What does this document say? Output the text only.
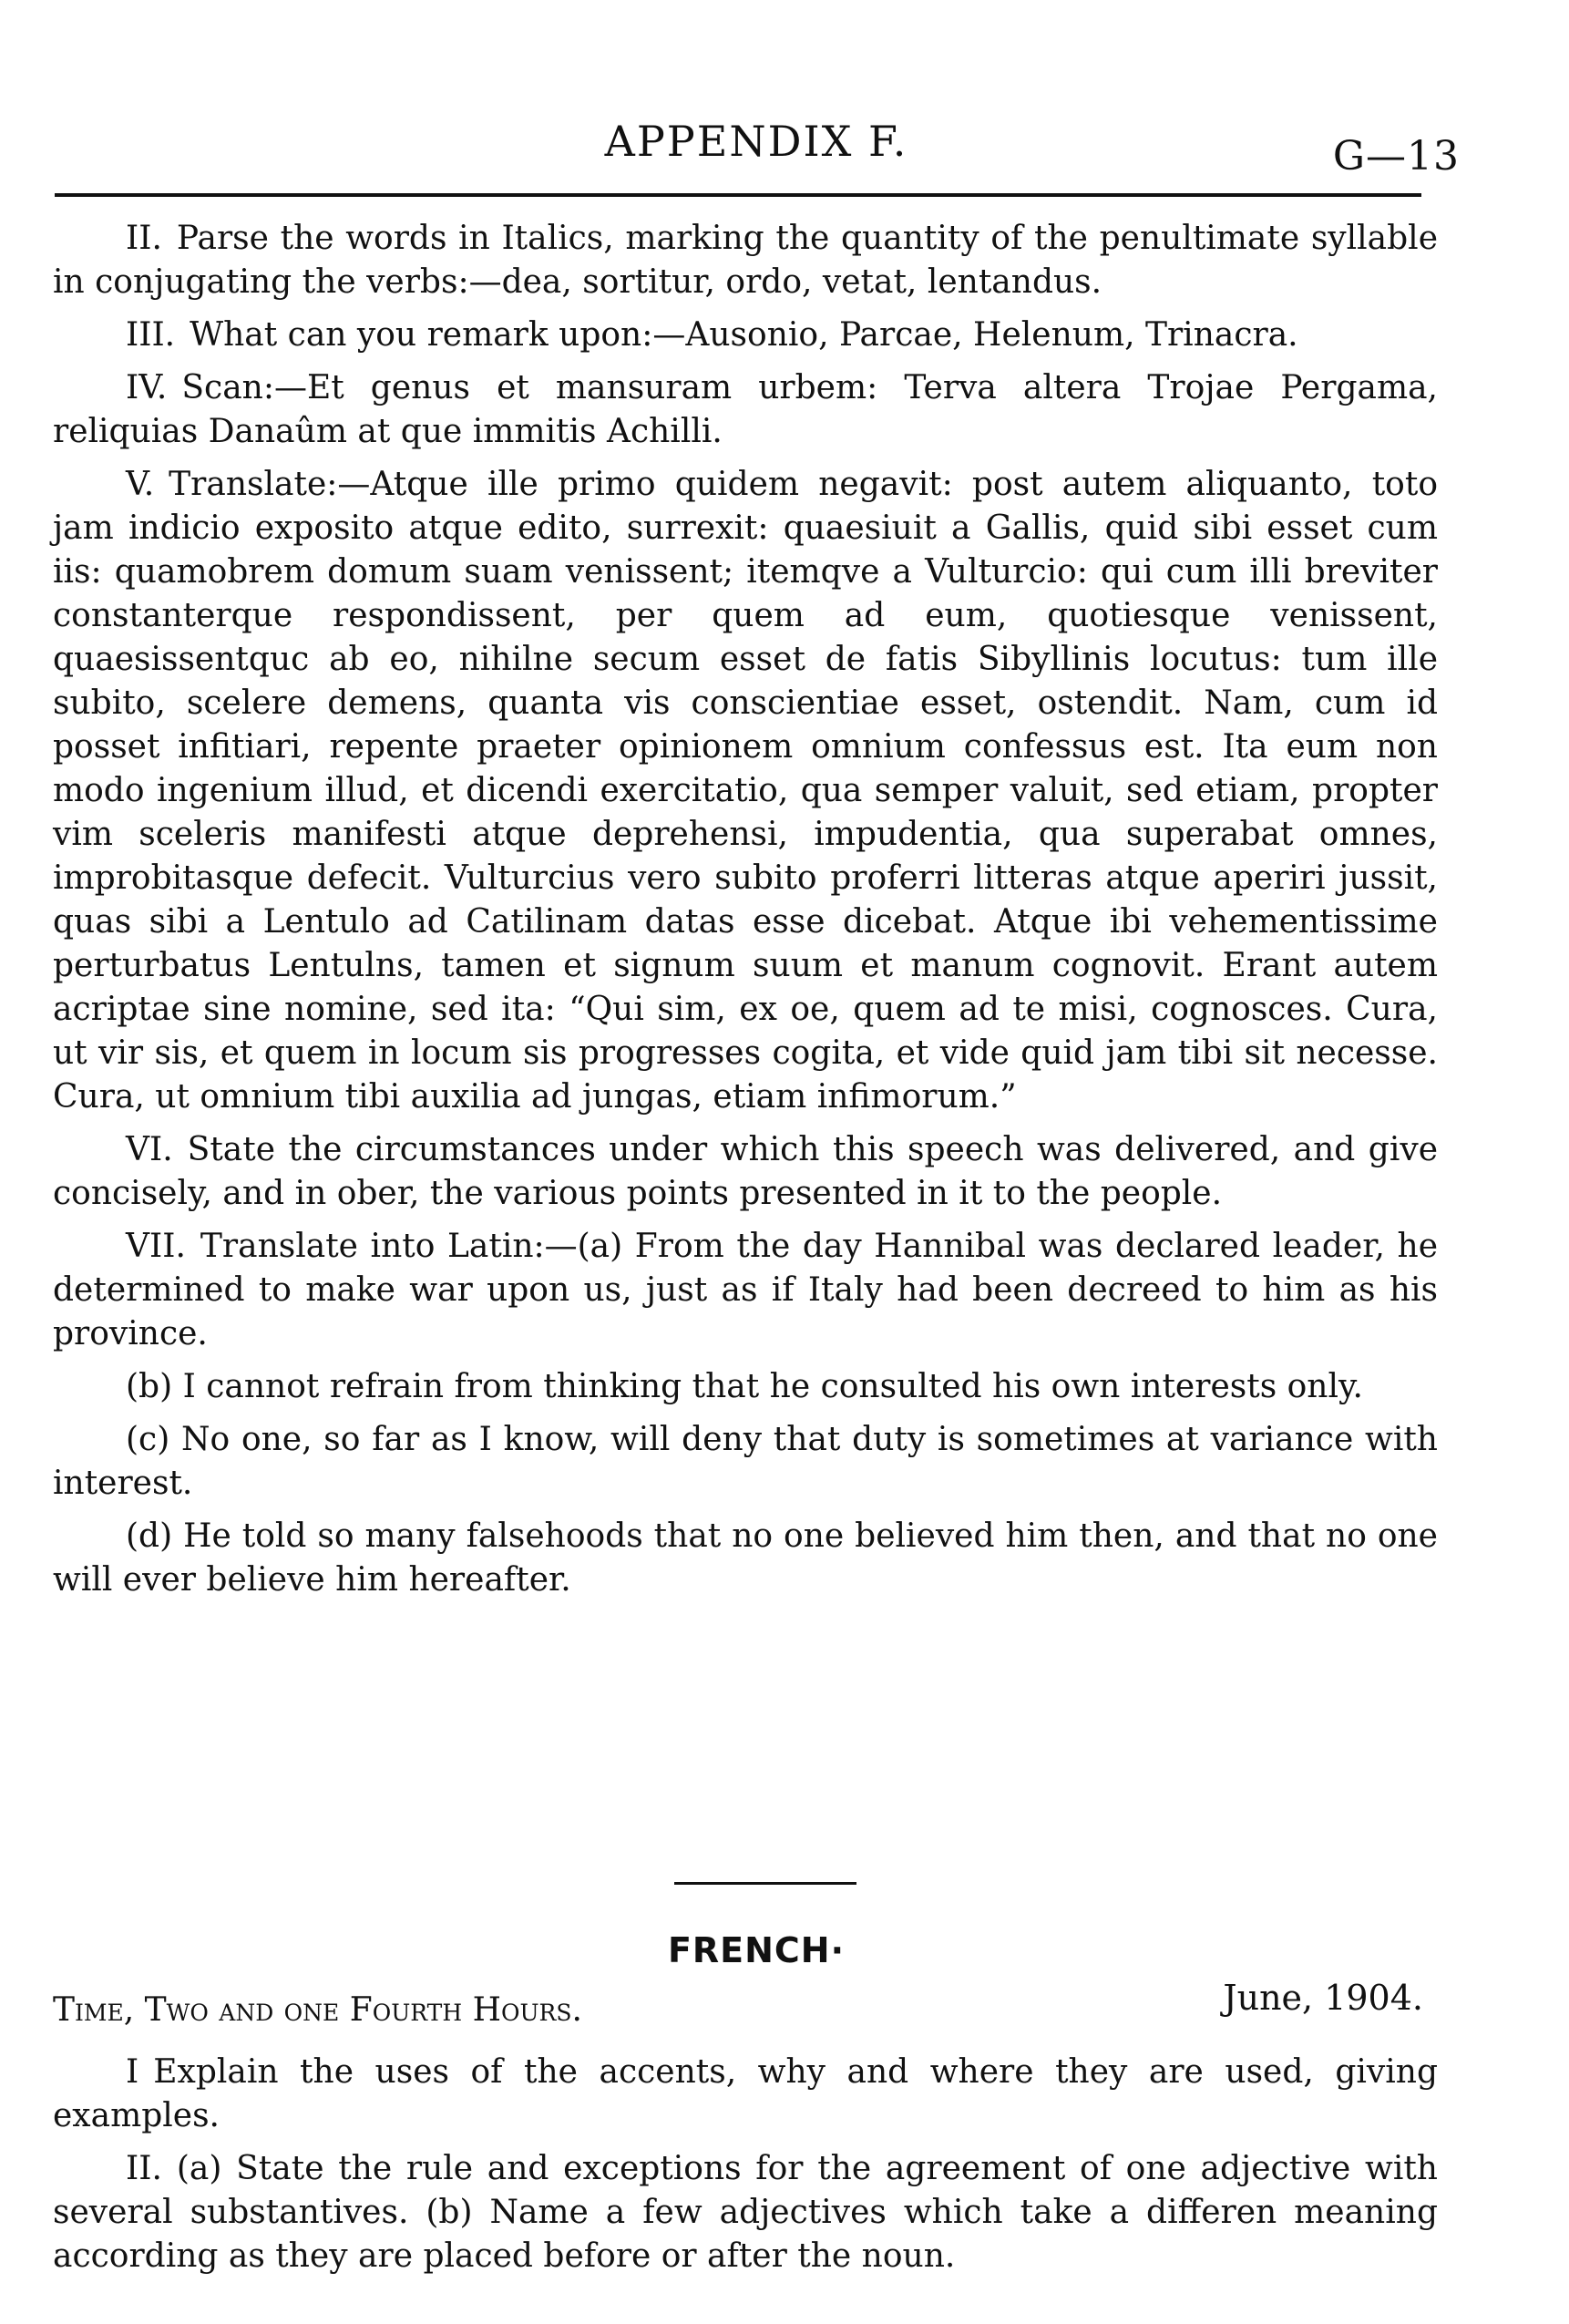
APPENDIX F.	G—13

II. Parse the words in Italics, marking the quantity of the penultimate syllable in conjugating the verbs:—dea, sortitur, ordo, vetat, lentandus.

III. What can you remark upon:—Ausonio, Parcae, Helenum, Trinacra.

IV. Scan:—Et genus et mansuram urbem: Terva altera Trojae Pergama, reliquias Danaûm at que immitis Achilli.

V. Translate:—Atque ille primo quidem negavit: post autem aliquanto, toto jam indicio exposito atque edito, surrexit: quaesiuit a Gallis, quid sibi esset cum iis: quamobrem domum suam venissent; itemqve a Vulturcio: qui cum illi breviter constanterque respondissent, per quem ad eum, quotiesque venissent, quaesissentquc ab eo, nihilne secum esset de fatis Sibyllinis locutus: tum ille subito, scelere demens, quanta vis conscientiae esset, ostendit. Nam, cum id posset infitiari, repente praeter opinionem omnium confessus est. Ita eum non modo ingenium illud, et dicendi exercitatio, qua semper valuit, sed etiam, propter vim sceleris manifesti atque deprehensi, impudentia, qua superabat omnes, improbitasque defecit. Vulturcius vero subito proferri litteras atque aperiri jussit, quas sibi a Lentulo ad Catilinam datas esse dicebat. Atque ibi vehementissime perturbatus Lentulns, tamen et signum suum et manum cognovit. Erant autem acriptae sine nomine, sed ita: “Qui sim, ex oe, quem ad te misi, cognosces. Cura, ut vir sis, et quem in locum sis progresses cogita, et vide quid jam tibi sit necesse. Cura, ut omnium tibi auxilia ad jungas, etiam infimorum.”

VI. State the circumstances under which this speech was delivered, and give concisely, and in ober, the various points presented in it to the people.

VII. Translate into Latin:—(a) From the day Hannibal was declared leader, he determined to make war upon us, just as if Italy had been decreed to him as his province.

(b) I cannot refrain from thinking that he consulted his own interests only.

(c) No one, so far as I know, will deny that duty is sometimes at variance with interest.

(d) He told so many falsehoods that no one believed him then, and that no one will ever believe him hereafter.

FRENCH·
Time, Two and one Fourth Hours.	June, 1904.

I Explain the uses of the accents, why and where they are used, giving examples.

II. (a) State the rule and exceptions for the agreement of one adjective with several substantives. (b) Name a few adjectives which take a differen meaning according as they are placed before or after the noun.
